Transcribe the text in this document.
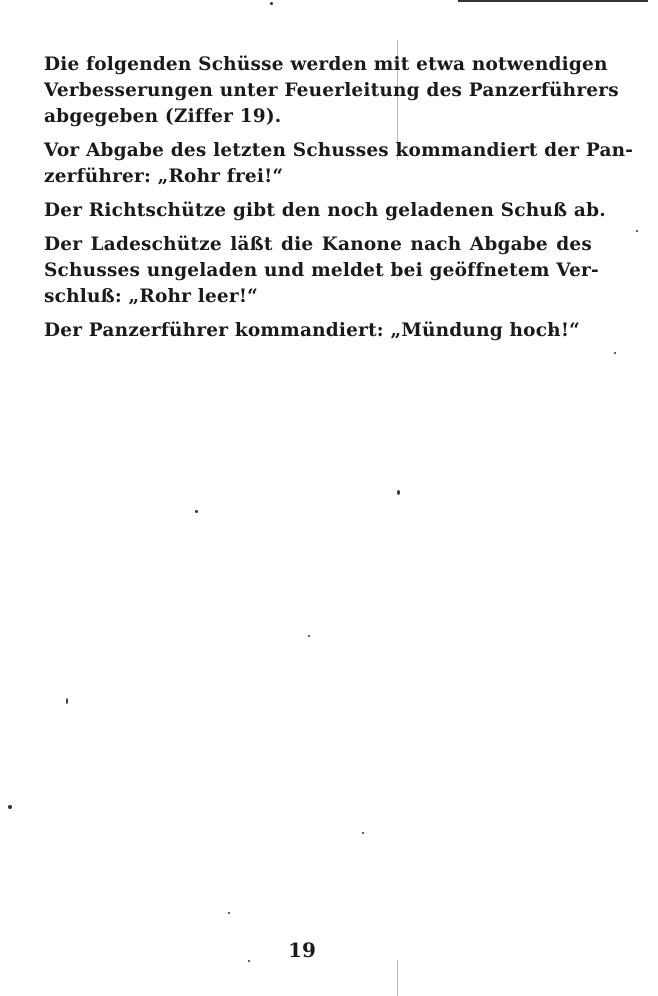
Die folgenden Schüsse werden mit etwa notwendigen
Verbesserungen unter Feuerleitung des Panzerführers
abgegeben (Ziffer 19).

Vor Abgabe des letzten Schusses kommandiert der Pan-
zerführer: „Rohr frei!“

Der Richtschütze gibt den noch geladenen Schuß ab.

Der Ladeschütze läßt die Kanone nach Abgabe des
Schusses ungeladen und meldet bei geöffnetem Ver-
schluß: „Rohr leer!“

Der Panzerführer kommandiert: „Mündung hoch!“

19
